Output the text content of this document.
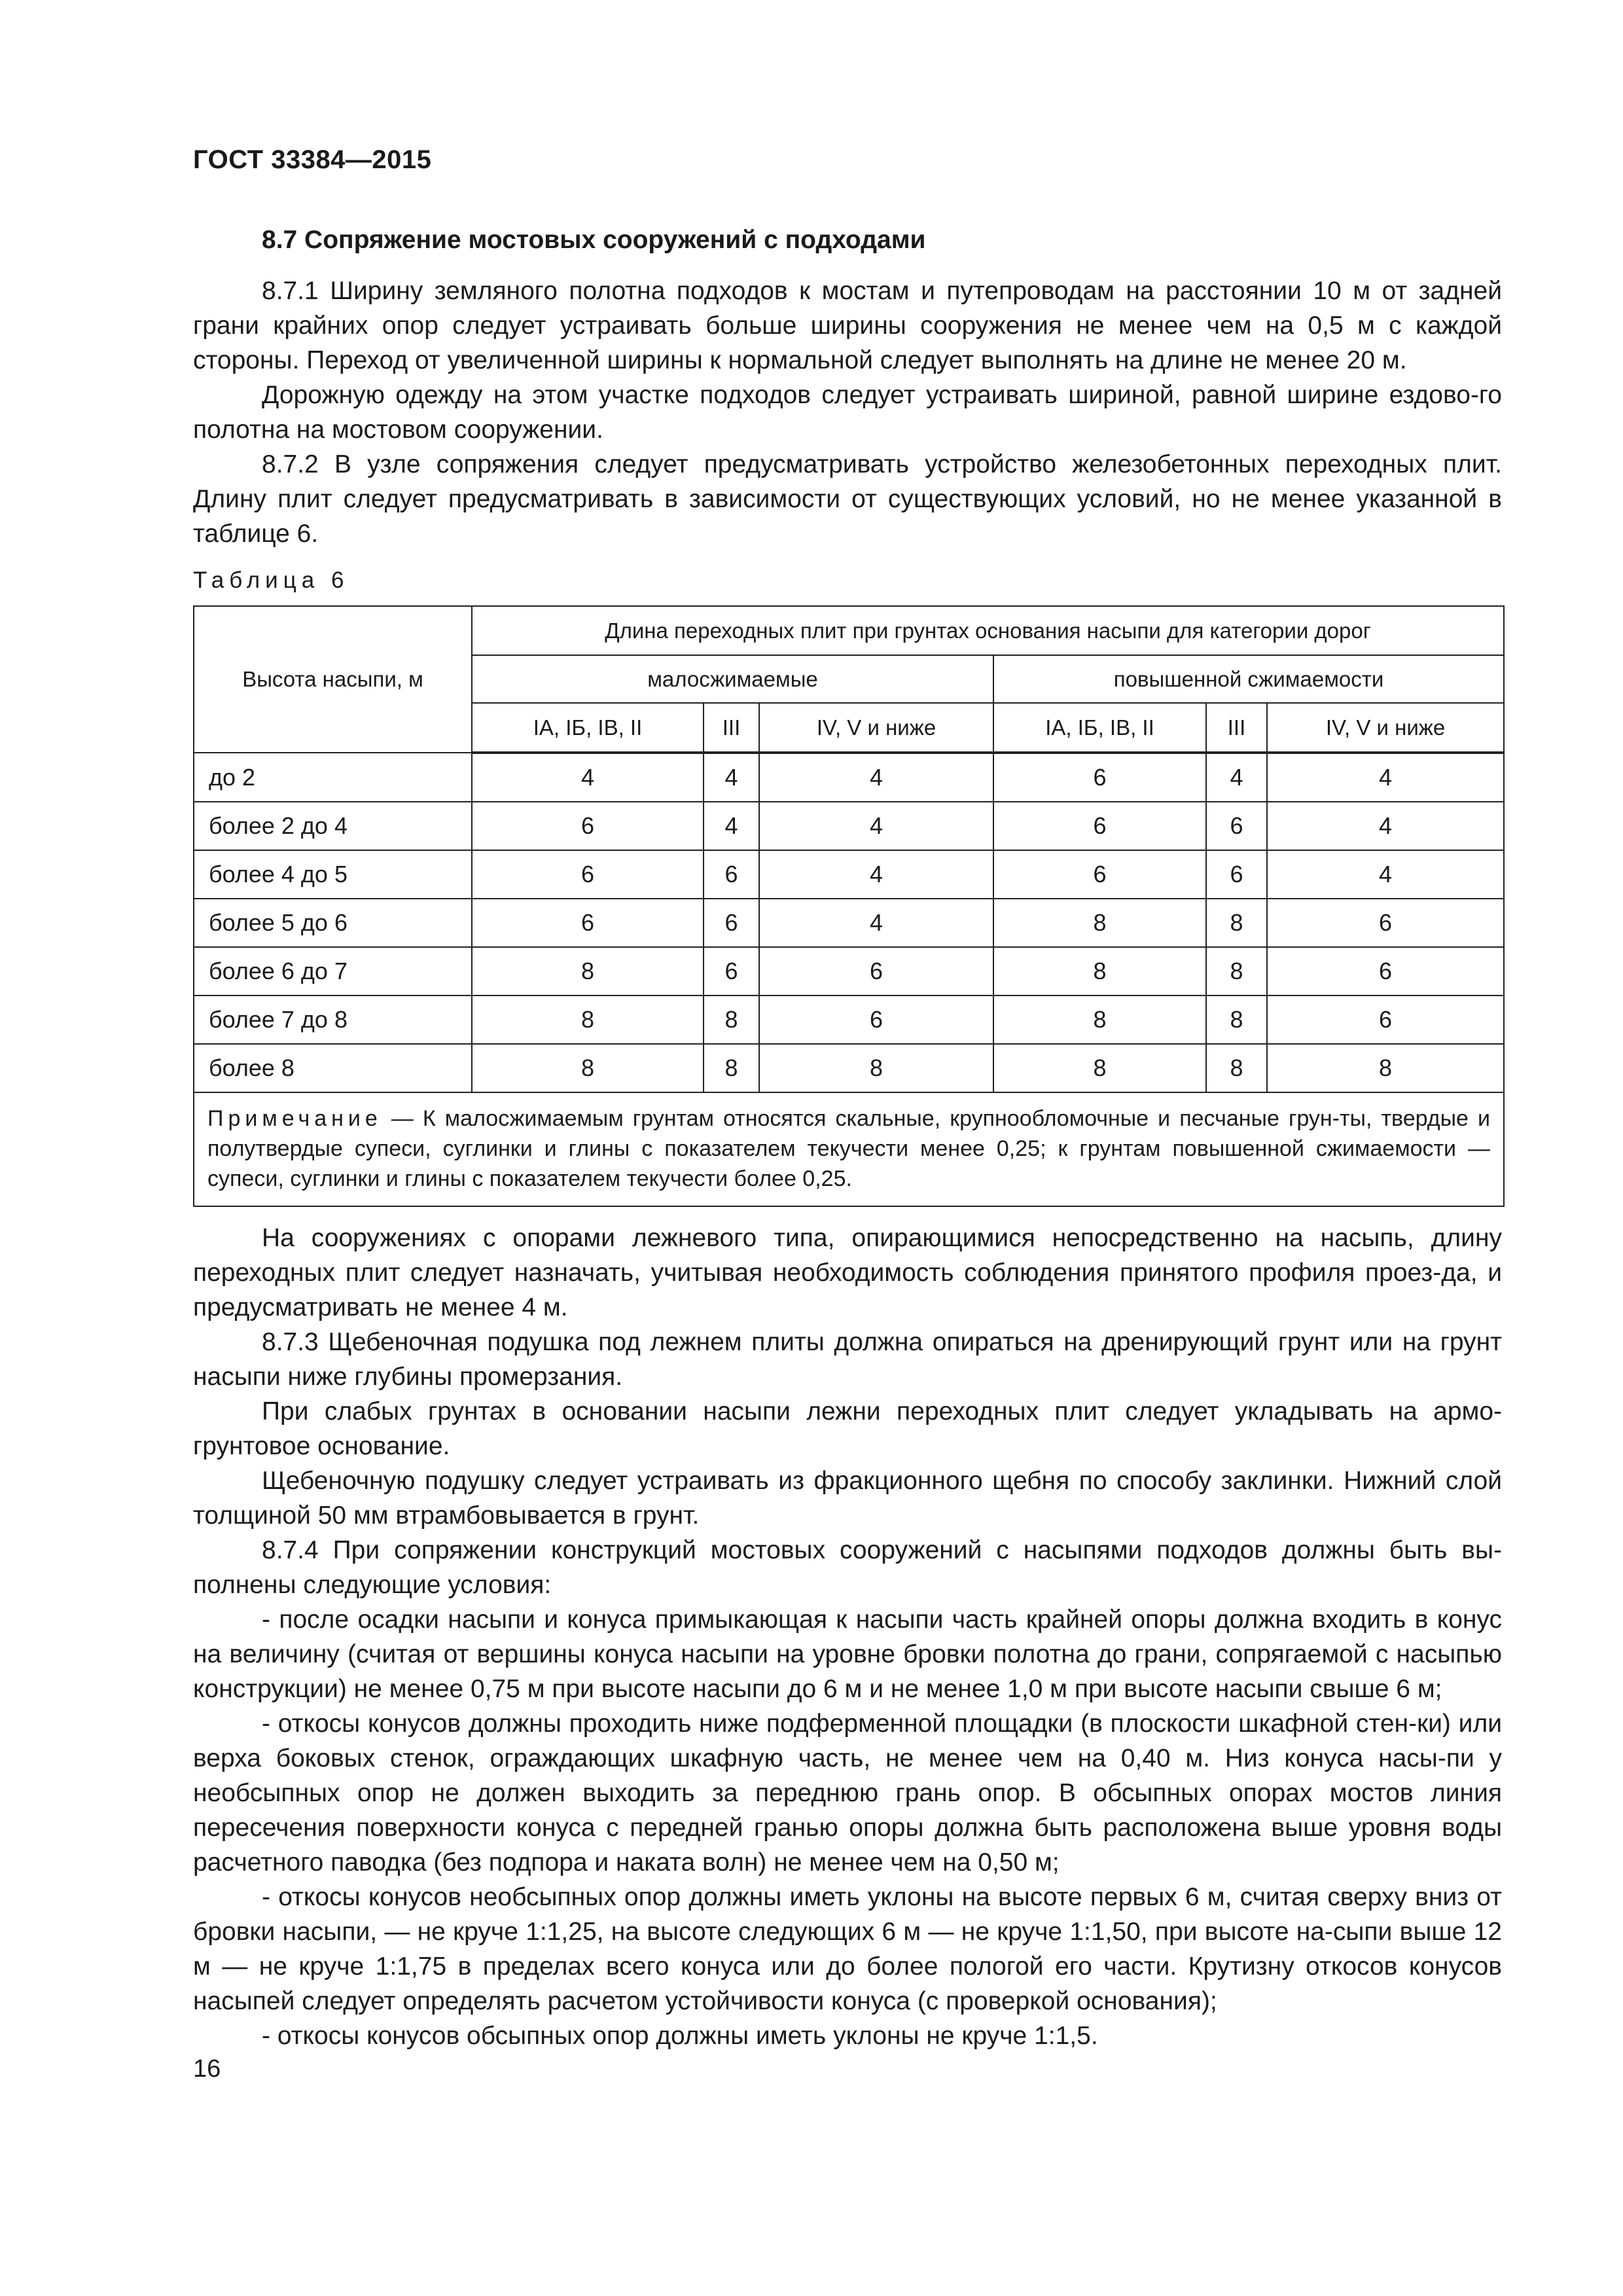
ГОСТ 33384—2015
8.7 Сопряжение мостовых сооружений с подходами

8.7.1 Ширину земляного полотна подходов к мостам и путепроводам на расстоянии 10 м от задней грани крайних опор следует устраивать больше ширины сооружения не менее чем на 0,5 м с каждой стороны. Переход от увеличенной ширины к нормальной следует выполнять на длине не менее 20 м.

Дорожную одежду на этом участке подходов следует устраивать шириной, равной ширине ездово-го полотна на мостовом сооружении.

8.7.2 В узле сопряжения следует предусматривать устройство железобетонных переходных плит. Длину плит следует предусматривать в зависимости от существующих условий, но не менее указанной в таблице 6.

Таблица 6
Высота насыпи, м	Длина переходных плит при грунтах основания насыпи для категории дорог					
	малосжимаемые			повышенной сжимаемости		
	IA, IБ, IB, II	III	IV, V и ниже	IA, IБ, IB, II	III	IV, V и ниже
до 2	4	4	4	6	4	4
более 2 до 4	6	4	4	6	6	4
более 4 до 5	6	6	4	6	6	4
более 5 до 6	6	6	4	8	8	6
более 6 до 7	8	6	6	8	8	6
более 7 до 8	8	8	6	8	8	6
более 8	8	8	8	8	8	8
Примечание — К малосжимаемым грунтам относятся скальные, крупнообломочные и песчаные грун-ты, твердые и полутвердые супеси, суглинки и глины с показателем текучести менее 0,25; к грунтам повышенной сжимаемости — супеси, суглинки и глины с показателем текучести более 0,25.						

На сооружениях с опорами лежневого типа, опирающимися непосредственно на насыпь, длину переходных плит следует назначать, учитывая необходимость соблюдения принятого профиля проез-да, и предусматривать не менее 4 м.

8.7.3 Щебеночная подушка под лежнем плиты должна опираться на дренирующий грунт или на грунт насыпи ниже глубины промерзания.

При слабых грунтах в основании насыпи лежни переходных плит следует укладывать на армо-грунтовое основание.

Щебеночную подушку следует устраивать из фракционного щебня по способу заклинки. Нижний слой толщиной 50 мм втрамбовывается в грунт.

8.7.4 При сопряжении конструкций мостовых сооружений с насыпями подходов должны быть вы-полнены следующие условия:

- после осадки насыпи и конуса примыкающая к насыпи часть крайней опоры должна входить в конус на величину (считая от вершины конуса насыпи на уровне бровки полотна до грани, сопрягаемой с насыпью конструкции) не менее 0,75 м при высоте насыпи до 6 м и не менее 1,0 м при высоте насыпи свыше 6 м;

- откосы конусов должны проходить ниже подферменной площадки (в плоскости шкафной стен-ки) или верха боковых стенок, ограждающих шкафную часть, не менее чем на 0,40 м. Низ конуса насы-пи у необсыпных опор не должен выходить за переднюю грань опор. В обсыпных опорах мостов линия пересечения поверхности конуса с передней гранью опоры должна быть расположена выше уровня воды расчетного паводка (без подпора и наката волн) не менее чем на 0,50 м;

- откосы конусов необсыпных опор должны иметь уклоны на высоте первых 6 м, считая сверху вниз от бровки насыпи, — не круче 1:1,25, на высоте следующих 6 м — не круче 1:1,50, при высоте на-сыпи выше 12 м — не круче 1:1,75 в пределах всего конуса или до более пологой его части. Крутизну откосов конусов насыпей следует определять расчетом устойчивости конуса (с проверкой основания);

- откосы конусов обсыпных опор должны иметь уклоны не круче 1:1,5.

16
